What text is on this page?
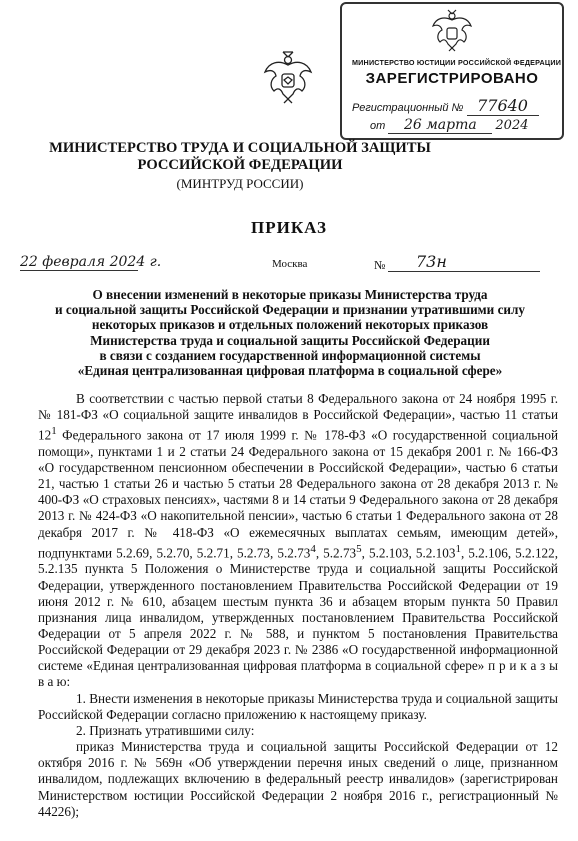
МИНИСТЕРСТВО ЮСТИЦИИ РОССИЙСКОЙ ФЕДЕРАЦИИ
ЗАРЕГИСТРИРОВАНО
Регистрационный № 77640
от 26 марта 2024
МИНИСТЕРСТВО ТРУДА И СОЦИАЛЬНОЙ ЗАЩИТЫ
РОССИЙСКОЙ ФЕДЕРАЦИИ
(МИНТРУД РОССИИ)
ПРИКАЗ
22 февраля 2024 г.	Москва	№	73н
О внесении изменений в некоторые приказы Министерства труда
и социальной защиты Российской Федерации и признании утратившими силу
некоторых приказов и отдельных положений некоторых приказов
Министерства труда и социальной защиты Российской Федерации
в связи с созданием государственной информационной системы
«Единая централизованная цифровая платформа в социальной сфере»

В соответствии с частью первой статьи 8 Федерального закона от 24 ноября 1995 г. № 181-ФЗ «О социальной защите инвалидов в Российской Федерации», частью 11 статьи $12^1$ Федерального закона от 17 июля 1999 г. № 178-ФЗ «О государственной социальной помощи», пунктами 1 и 2 статьи 24 Федерального закона от 15 декабря 2001 г. № 166-ФЗ «О государственном пенсионном обеспечении в Российской Федерации», частью 6 статьи 21, частью 1 статьи 26 и частью 5 статьи 28 Федерального закона от 28 декабря 2013 г. № 400-ФЗ «О страховых пенсиях», частями 8 и 14 статьи 9 Федерального закона от 28 декабря 2013 г. № 424-ФЗ «О накопительной пенсии», частью 6 статьи 1 Федерального закона от 28 декабря 2017 г. № 418-ФЗ «О ежемесячных выплатах семьям, имеющим детей», подпунктами 5.2.69, 5.2.70, 5.2.71, 5.2.73, 5.2.73$^4$, 5.2.73$^5$, 5.2.103, 5.2.103$^1$, 5.2.106, 5.2.122, 5.2.135 пункта 5 Положения о Министерстве труда и социальной защиты Российской Федерации, утвержденного постановлением Правительства Российской Федерации от 19 июня 2012 г. № 610, абзацем шестым пункта 36 и абзацем вторым пункта 50 Правил признания лица инвалидом, утвержденных постановлением Правительства Российской Федерации от 5 апреля 2022 г. № 588, и пунктом 5 постановления Правительства Российской Федерации от 29 декабря 2023 г. № 2386 «О государственной информационной системе «Единая централизованная цифровая платформа в социальной сфере» п р и к а з ы в а ю:

1. Внести изменения в некоторые приказы Министерства труда и социальной защиты Российской Федерации согласно приложению к настоящему приказу.

2. Признать утратившими силу:

приказ Министерства труда и социальной защиты Российской Федерации от 12 октября 2016 г. № 569н «Об утверждении перечня иных сведений о лице, признанном инвалидом, подлежащих включению в федеральный реестр инвалидов» (зарегистрирован Министерством юстиции Российской Федерации 2 ноября 2016 г., регистрационный № 44226);
